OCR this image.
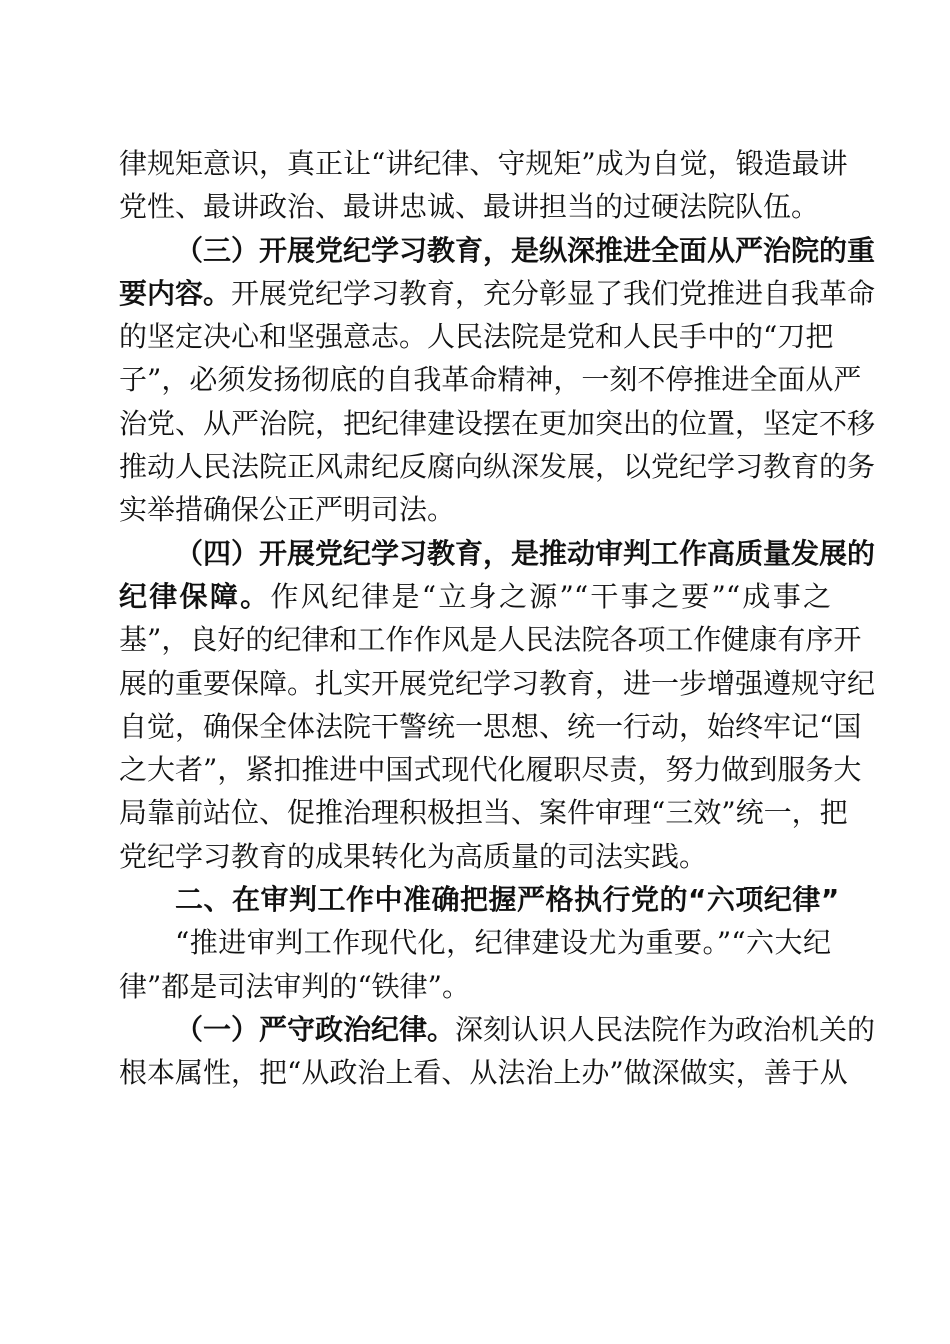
律规矩意识，真正让“讲纪律、守规矩”成为自觉，锻造最讲
党性、最讲政治、最讲忠诚、最讲担当的过硬法院队伍。
（三）开展党纪学习教育，是纵深推进全面从严治院的重
要内容。开展党纪学习教育，充分彰显了我们党推进自我革命
的坚定决心和坚强意志。人民法院是党和人民手中的“刀把
子”，必须发扬彻底的自我革命精神，一刻不停推进全面从严
治党、从严治院，把纪律建设摆在更加突出的位置，坚定不移
推动人民法院正风肃纪反腐向纵深发展，以党纪学习教育的务
实举措确保公正严明司法。
（四）开展党纪学习教育，是推动审判工作高质量发展的
纪律保障。作风纪律是“立身之源”“干事之要”“成事之
基”，良好的纪律和工作作风是人民法院各项工作健康有序开
展的重要保障。扎实开展党纪学习教育，进一步增强遵规守纪
自觉，确保全体法院干警统一思想、统一行动，始终牢记“国
之大者”，紧扣推进中国式现代化履职尽责，努力做到服务大
局靠前站位、促推治理积极担当、案件审理“三效”统一，把
党纪学习教育的成果转化为高质量的司法实践。
二、在审判工作中准确把握严格执行党的“六项纪律”
“推进审判工作现代化，纪律建设尤为重要。”“六大纪
律”都是司法审判的“铁律”。
（一）严守政治纪律。深刻认识人民法院作为政治机关的
根本属性，把“从政治上看、从法治上办”做深做实，善于从
